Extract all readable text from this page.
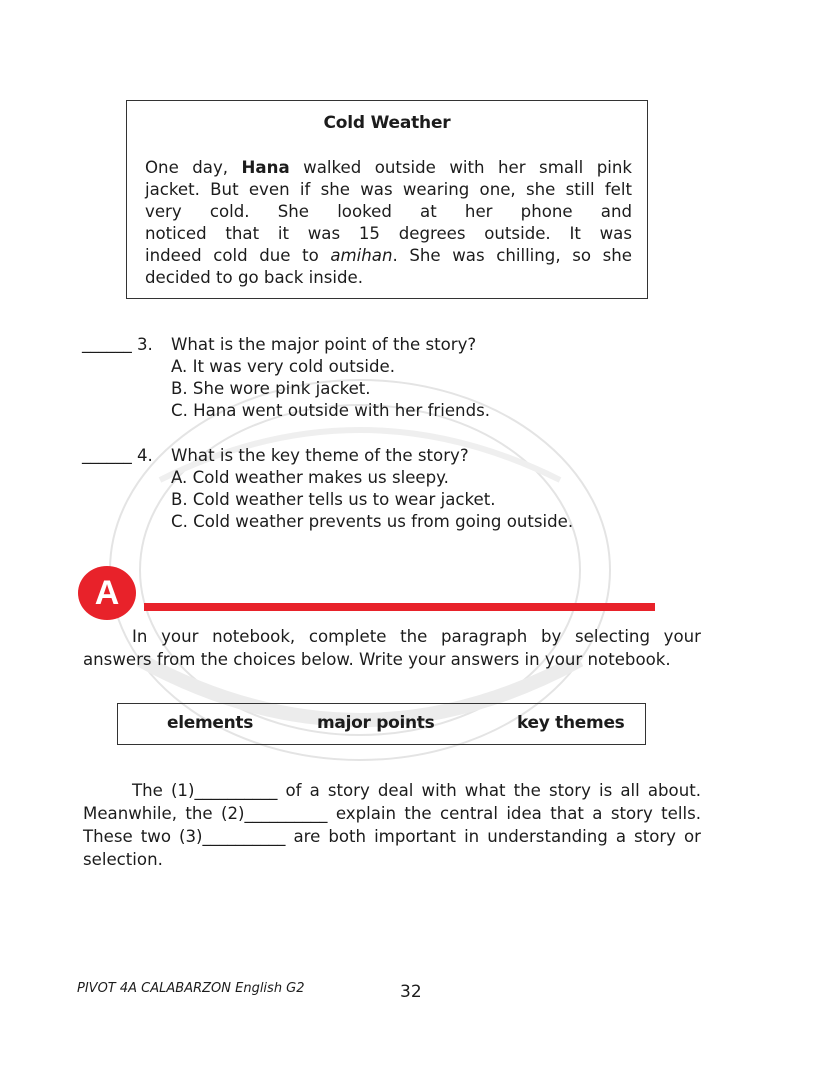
Cold Weather
One day, Hana walked outside with her small pink
jacket. But even if she was wearing one, she still felt
very cold. She looked at her phone and
noticed that it was 15 degrees outside. It was
indeed cold due to amihan. She was chilling, so she
decided to go back inside.
______ 3. What is the major point of the story?
A. It was very cold outside.
B. She wore pink jacket.
C. Hana went outside with her friends.
______ 4. What is the key theme of the story?
A. Cold weather makes us sleepy.
B. Cold weather tells us to wear jacket.
C. Cold weather prevents us from going outside.
A
In your notebook, complete the paragraph by selecting your
answers from the choices below. Write your answers in your notebook.
elements	major points	key themes
The (1)__________ of a story deal with what the story is all about.
Meanwhile, the (2)__________ explain the central idea that a story tells.
These two (3)__________ are both important in understanding a story or
selection.
PIVOT 4A CALABARZON English G2	32
